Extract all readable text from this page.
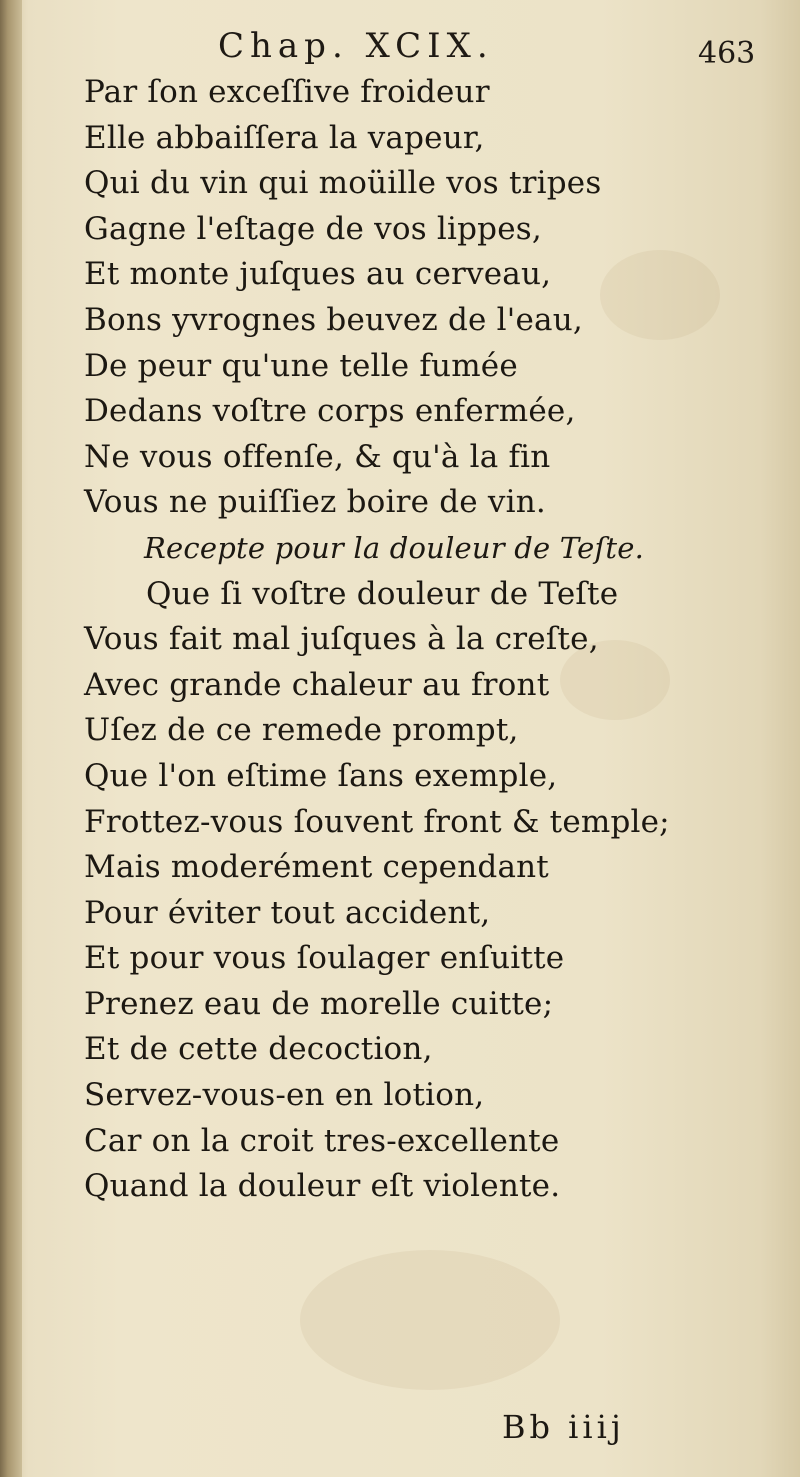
Chap. XCIX.	463
Par ſon exceſſive froideur
Elle abbaiſſera la vapeur,
Qui du vin qui moüille vos tripes
Gagne l'eſtage de vos lippes,
Et monte juſques au cerveau,
Bons yvrognes beuvez de l'eau,
De peur qu'une telle fumée
Dedans voſtre corps enfermée,
Ne vous offenſe, & qu'à la fin
Vous ne puiſſiez boire de vin.
Recepte pour la douleur de Teſte.
Que ſi voſtre douleur de Teſte
Vous fait mal juſques à la creſte,
Avec grande chaleur au front
Uſez de ce remede prompt,
Que l'on eſtime ſans exemple,
Frottez-vous ſouvent front & temple;
Mais moderément cependant
Pour éviter tout accident,
Et pour vous ſoulager enſuitte
Prenez eau de morelle cuitte;
Et de cette decoction,
Servez-vous-en en lotion,
Car on la croit tres-excellente
Quand la douleur eſt violente.
Bb iiij
